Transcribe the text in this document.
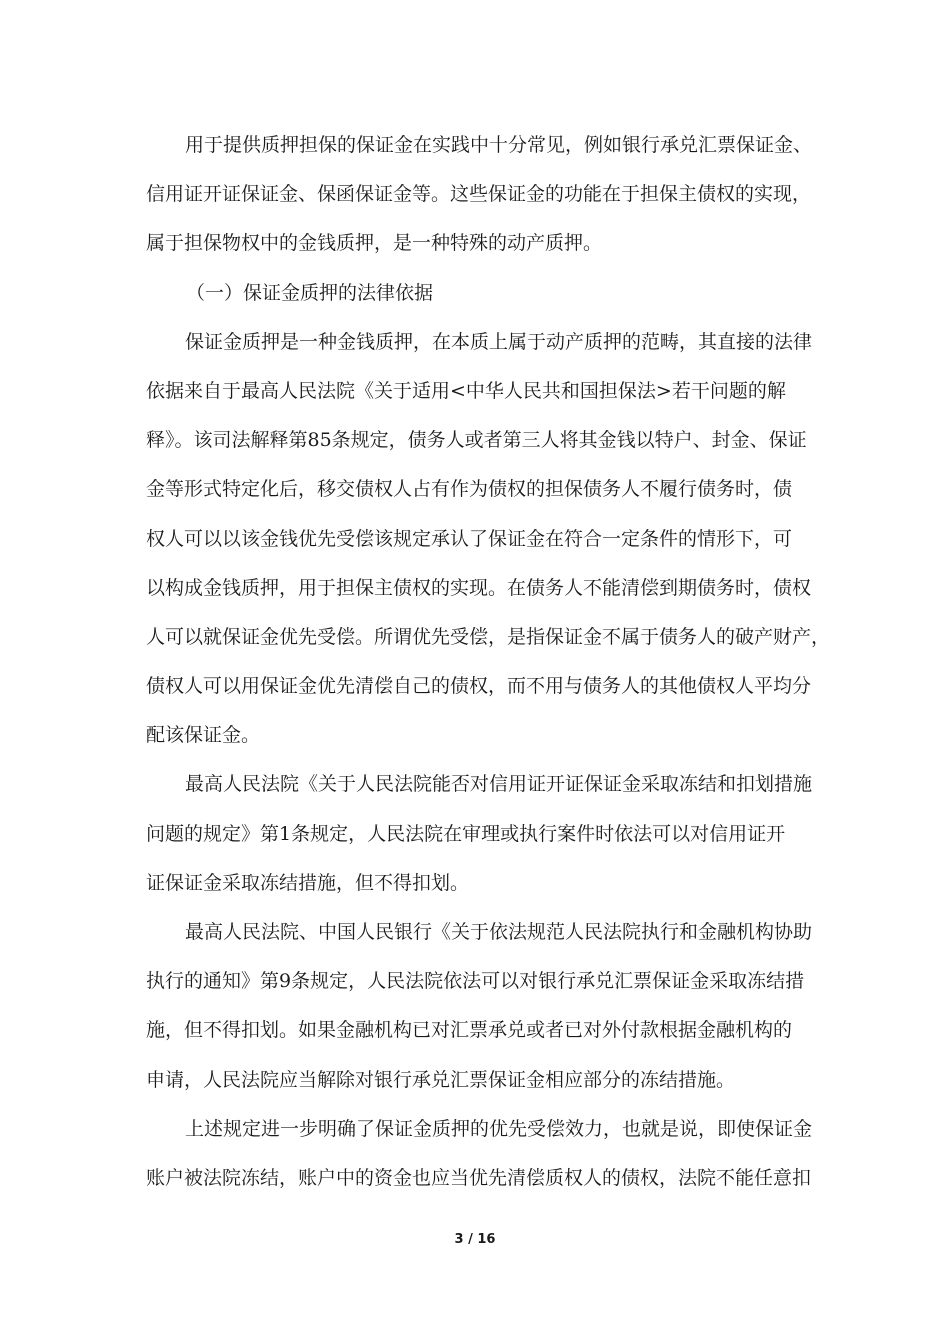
用于提供质押担保的保证金在实践中十分常见，例如银行承兑汇票保证金、
信用证开证保证金、保函保证金等。这些保证金的功能在于担保主债权的实现，
属于担保物权中的金钱质押，是一种特殊的动产质押。
（一）保证金质押的法律依据
保证金质押是一种金钱质押，在本质上属于动产质押的范畴，其直接的法律
依据来自于最高人民法院《关于适用<中华人民共和国担保法>若干问题的解
释》。该司法解释第85条规定，债务人或者第三人将其金钱以特户、封金、保证
金等形式特定化后，移交债权人占有作为债权的担保债务人不履行债务时，债
权人可以以该金钱优先受偿该规定承认了保证金在符合一定条件的情形下，可
以构成金钱质押，用于担保主债权的实现。在债务人不能清偿到期债务时，债权
人可以就保证金优先受偿。所谓优先受偿，是指保证金不属于债务人的破产财产，
债权人可以用保证金优先清偿自己的债权，而不用与债务人的其他债权人平均分
配该保证金。
最高人民法院《关于人民法院能否对信用证开证保证金采取冻结和扣划措施
问题的规定》第1条规定，人民法院在审理或执行案件时依法可以对信用证开
证保证金采取冻结措施，但不得扣划。
最高人民法院、中国人民银行《关于依法规范人民法院执行和金融机构协助
执行的通知》第9条规定，人民法院依法可以对银行承兑汇票保证金采取冻结措
施，但不得扣划。如果金融机构已对汇票承兑或者已对外付款根据金融机构的
申请，人民法院应当解除对银行承兑汇票保证金相应部分的冻结措施。
上述规定进一步明确了保证金质押的优先受偿效力，也就是说，即使保证金
账户被法院冻结，账户中的资金也应当优先清偿质权人的债权，法院不能任意扣
3 / 16
